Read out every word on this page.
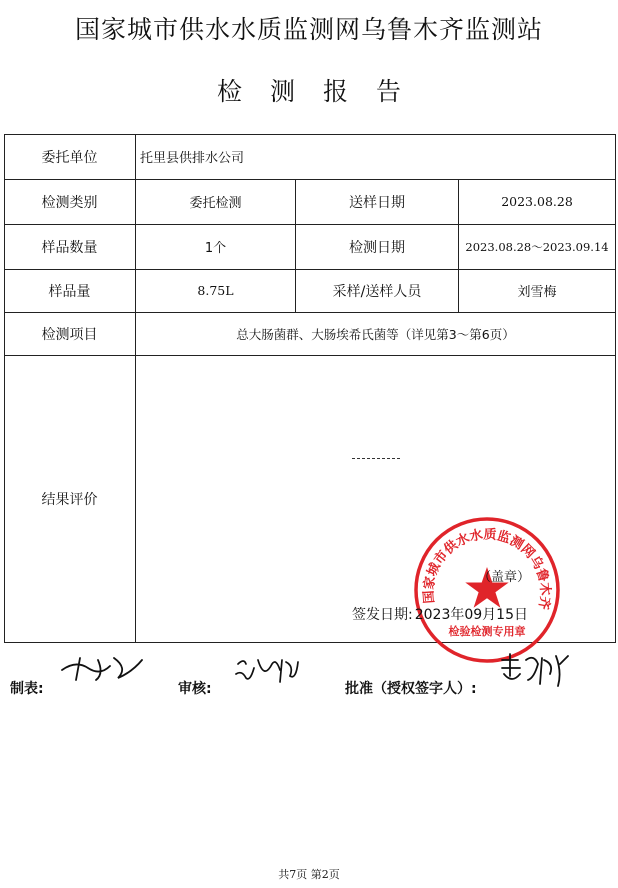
国家城市供水水质监测网乌鲁木齐监测站
检测报告
委托单位	托里县供排水公司
检测类别	委托检测	送样日期	2023.08.28
样品数量	1个	检测日期	2023.08.28～2023.09.14
样品量	8.75L	采样/送样人员	刘雪梅
检测项目	总大肠菌群、大肠埃希氏菌等（详见第3～第6页）
结果评价
国家城市供水水质监测网乌鲁木齐
检验检测专用章
（盖章）
签发日期: 2023年09月15日
制表:	审核:	批准（授权签字人）:
共7页 第2页
